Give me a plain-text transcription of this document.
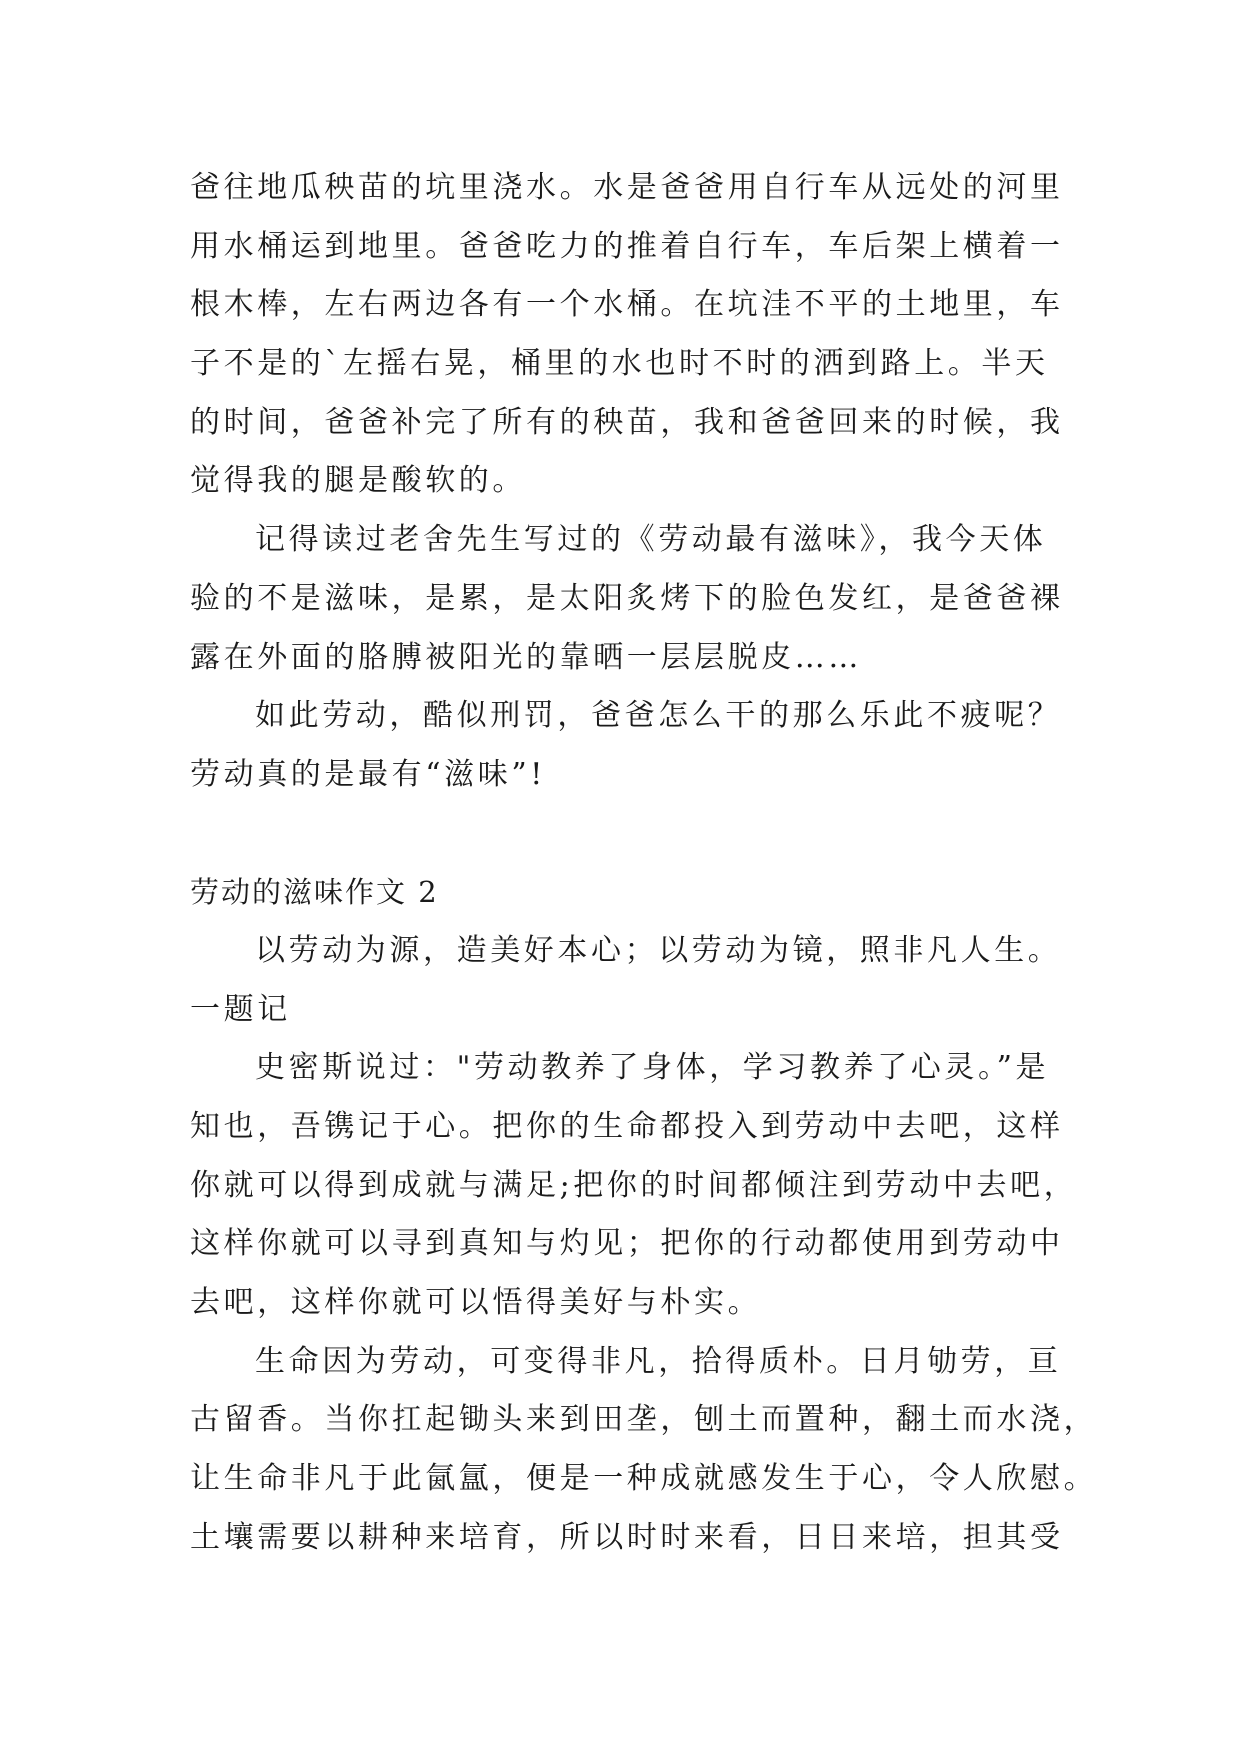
爸往地瓜秧苗的坑里浇水。水是爸爸用自行车从远处的河里
用水桶运到地里。爸爸吃力的推着自行车，车后架上横着一
根木棒，左右两边各有一个水桶。在坑洼不平的土地里，车
子不是的`左摇右晃，桶里的水也时不时的洒到路上。半天
的时间，爸爸补完了所有的秧苗，我和爸爸回来的时候，我
觉得我的腿是酸软的。
记得读过老舍先生写过的《劳动最有滋味》，我今天体
验的不是滋味，是累，是太阳炙烤下的脸色发红，是爸爸裸
露在外面的胳膊被阳光的靠晒一层层脱皮……
如此劳动，酷似刑罚，爸爸怎么干的那么乐此不疲呢？
劳动真的是最有“滋味”!
劳动的滋味作文 2
以劳动为源，造美好本心；以劳动为镜，照非凡人生。
一题记
史密斯说过："劳动教养了身体，学习教养了心灵。”是
知也，吾镌记于心。把你的生命都投入到劳动中去吧，这样
你就可以得到成就与满足;把你的时间都倾注到劳动中去吧，
这样你就可以寻到真知与灼见；把你的行动都使用到劳动中
去吧，这样你就可以悟得美好与朴实。
生命因为劳动，可变得非凡，拾得质朴。日月劬劳，亘
古留香。当你扛起锄头来到田垄，刨土而置种，翻土而水浇，
让生命非凡于此氤氲，便是一种成就感发生于心，令人欣慰。
土壤需要以耕种来培育，所以时时来看，日日来培，担其受
